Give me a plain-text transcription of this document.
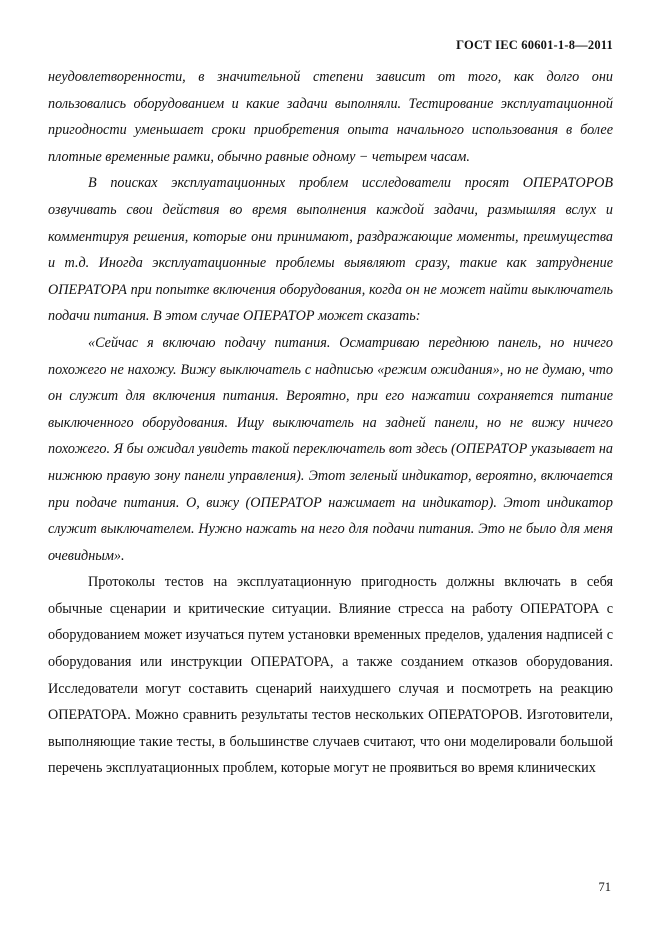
ГОСТ IEC 60601-1-8—2011

неудовлетворенности, в значительной степени зависит от того, как долго они пользовались оборудованием и какие задачи выполняли. Тестирование эксплуатационной пригодности уменьшает сроки приобретения опыта начального использования в более плотные временные рамки, обычно равные одному − четырем часам.

В поисках эксплуатационных проблем исследователи просят ОПЕРАТОРОВ озвучивать свои действия во время выполнения каждой задачи, размышляя вслух и комментируя решения, которые они принимают, раздражающие моменты, преимущества и т.д. Иногда эксплуатационные проблемы выявляют сразу, такие как затруднение ОПЕРАТОРА при попытке включения оборудования, когда он не может найти выключатель подачи питания. В этом случае ОПЕРАТОР может сказать:

«Сейчас я включаю подачу питания. Осматриваю переднюю панель, но ничего похожего не нахожу. Вижу выключатель с надписью «режим ожидания», но не думаю, что он служит для включения питания. Вероятно, при его нажатии сохраняется питание выключенного оборудования. Ищу выключатель на задней панели, но не вижу ничего похожего. Я бы ожидал увидеть такой переключатель вот здесь (ОПЕРАТОР указывает на нижнюю правую зону панели управления). Этот зеленый индикатор, вероятно, включается при подаче питания. О, вижу (ОПЕРАТОР нажимает на индикатор). Этот индикатор служит выключателем. Нужно нажать на него для подачи питания. Это не было для меня очевидным».

Протоколы тестов на эксплуатационную пригодность должны включать в себя обычные сценарии и критические ситуации. Влияние стресса на работу ОПЕРАТОРА с оборудованием может изучаться путем установки временных пределов, удаления надписей с оборудования или инструкции ОПЕРАТОРА, а также созданием отказов оборудования. Исследователи могут составить сценарий наихудшего случая и посмотреть на реакцию ОПЕРАТОРА. Можно сравнить результаты тестов нескольких ОПЕРАТОРОВ. Изготовители, выполняющие такие тесты, в большинстве случаев считают, что они моделировали большой перечень эксплуатационных проблем, которые могут не проявиться во время клинических

71
